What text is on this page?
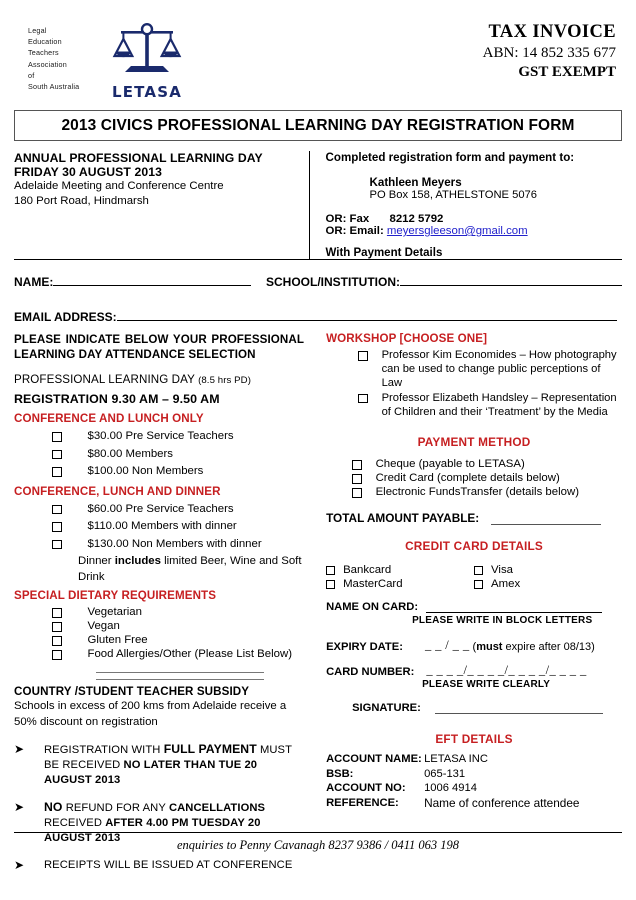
Legal
Education
Teachers
Association
of
South Australia	LETASA
TAX INVOICE
ABN: 14 852 335 677
GST EXEMPT
2013 CIVICS PROFESSIONAL LEARNING DAY REGISTRATION FORM
ANNUAL PROFESSIONAL LEARNING DAY
FRIDAY 30 AUGUST 2013
Adelaide Meeting and Conference Centre
180 Port Road, Hindmarsh
Completed registration form and payment to:
Kathleen Meyers
PO Box 158, ATHELSTONE 5076
OR: Fax 8212 5792
OR: Email: meyersgleeson@gmail.com
With Payment Details
NAME:	SCHOOL/INSTITUTION:
EMAIL ADDRESS:
PLEASE INDICATE BELOW YOUR PROFESSIONAL LEARNING DAY ATTENDANCE SELECTION
PROFESSIONAL LEARNING DAY (8.5 hrs PD)
REGISTRATION 9.30 AM – 9.50 AM
CONFERENCE AND LUNCH ONLY
$30.00 Pre Service Teachers
$80.00 Members
$100.00 Non Members
CONFERENCE, LUNCH AND DINNER
$60.00 Pre Service Teachers
$110.00 Members with dinner
$130.00 Non Members with dinner
Dinner includes limited Beer, Wine and Soft Drink
SPECIAL DIETARY REQUIREMENTS
Vegetarian
Vegan
Gluten Free
Food Allergies/Other (Please List Below)
COUNTRY /STUDENT TEACHER SUBSIDY
Schools in excess of 200 kms from Adelaide receive a 50% discount on registration
➤	REGISTRATION WITH FULL PAYMENT MUST BE RECEIVED NO LATER THAN TUE 20 AUGUST 2013
➤	NO REFUND FOR ANY CANCELLATIONS RECEIVED AFTER 4.00 PM TUESDAY 20 AUGUST 2013
➤	RECEIPTS WILL BE ISSUED AT CONFERENCE
WORKSHOP [CHOOSE ONE]
Professor Kim Economides – How photography can be used to change public perceptions of Law
Professor Elizabeth Handsley – Representation of Children and their ‘Treatment’ by the Media
PAYMENT METHOD
Cheque (payable to LETASA)
Credit Card (complete details below)
Electronic FundsTransfer (details below)
TOTAL AMOUNT PAYABLE:
CREDIT CARD DETAILS
Bankcard
MasterCard
Visa
Amex
NAME ON CARD:
PLEASE WRITE IN BLOCK LETTERS
EXPIRY DATE: _ _ / _ _ (must expire after 08/13)
CARD NUMBER: _ _ _ _/_ _ _ _/_ _ _ _/_ _ _ _
PLEASE WRITE CLEARLY
SIGNATURE:
EFT DETAILS
ACCOUNT NAME: LETASA INC
BSB:	065-131
ACCOUNT NO:	1006 4914
REFERENCE:	Name of conference attendee
enquiries to Penny Cavanagh 8237 9386 / 0411 063 198
